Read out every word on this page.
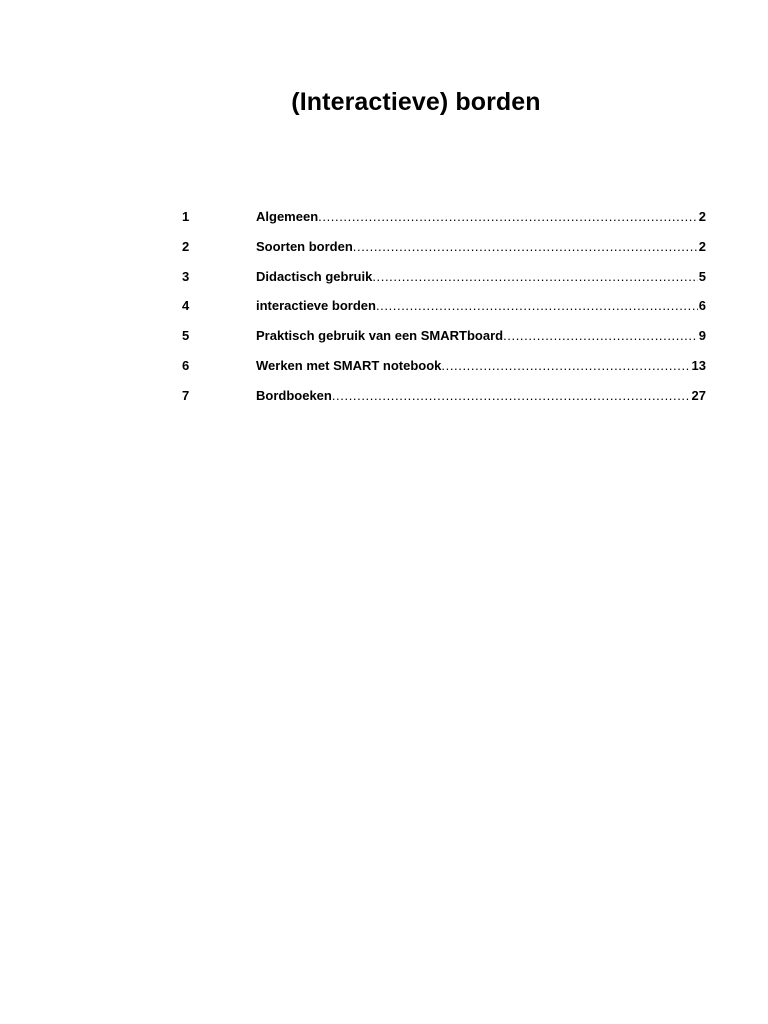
(Interactieve) borden
1	Algemeen .....	2
2	Soorten borden .....	2
3	Didactisch gebruik .....	5
4	interactieve borden .....	6
5	Praktisch gebruik van een SMARTboard .....	9
6	Werken met SMART notebook .....	13
7	Bordboeken .....	27
